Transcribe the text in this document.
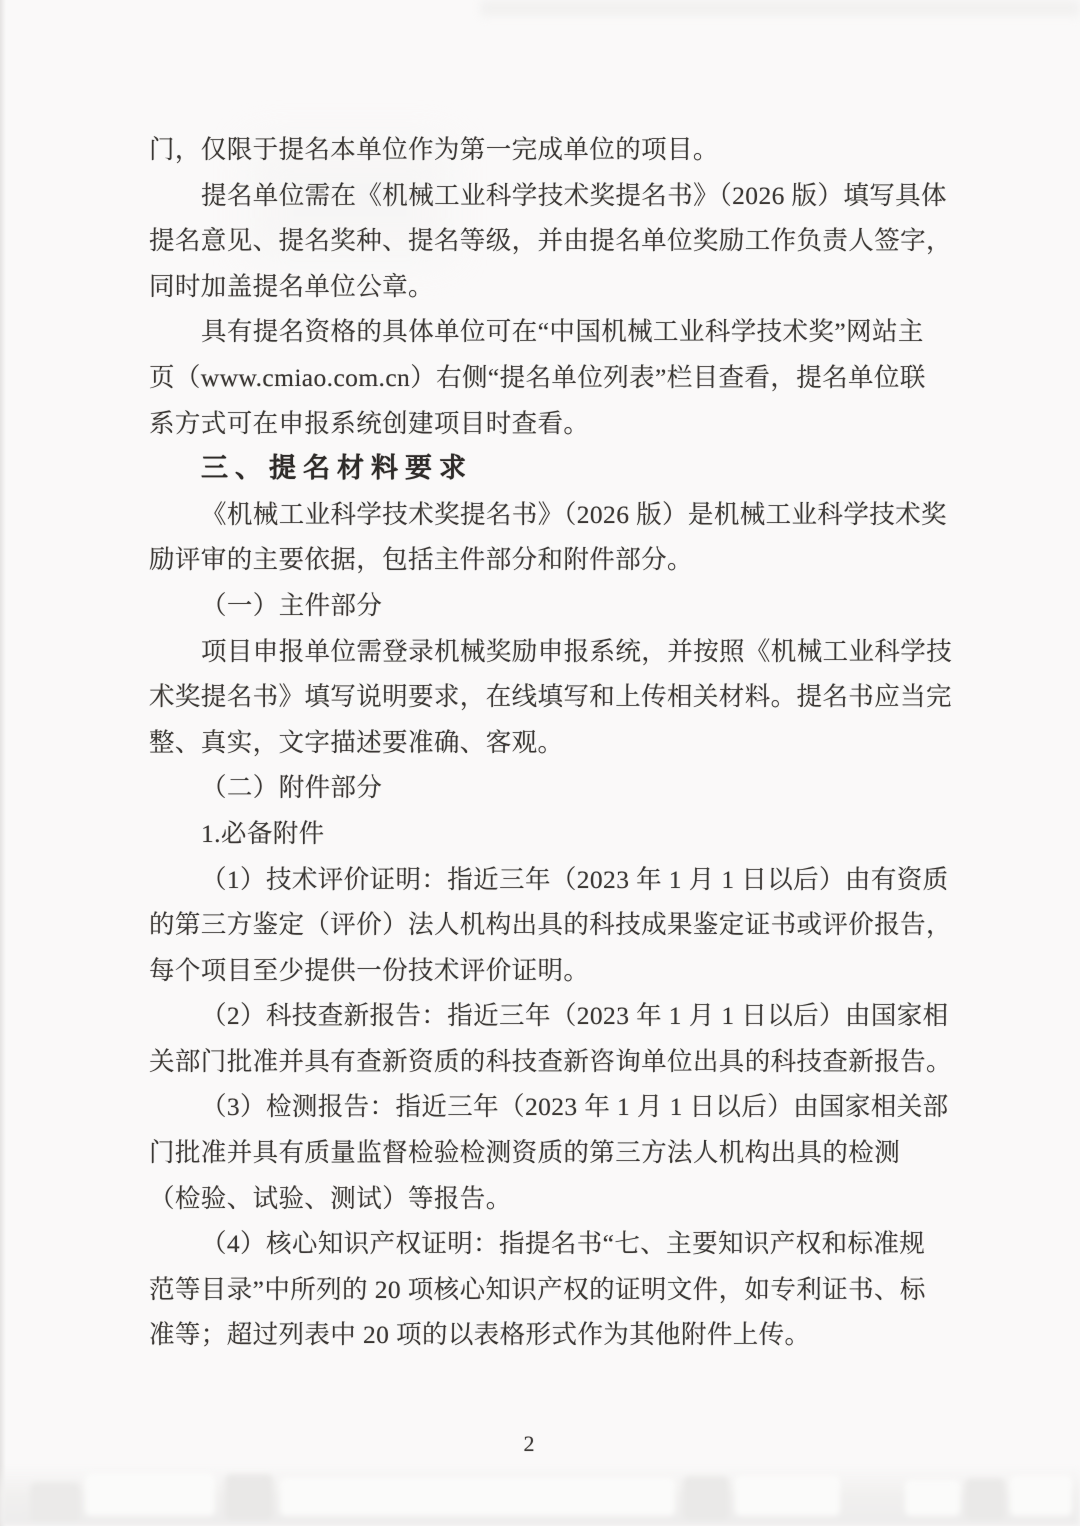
门，仅限于提名本单位作为第一完成单位的项目。
提名单位需在《机械工业科学技术奖提名书》（2026 版）填写具体
提名意见、提名奖种、提名等级，并由提名单位奖励工作负责人签字，
同时加盖提名单位公章。
具有提名资格的具体单位可在“中国机械工业科学技术奖”网站主
页（www.cmiao.com.cn）右侧“提名单位列表”栏目查看，提名单位联
系方式可在申报系统创建项目时查看。
三、提名材料要求
《机械工业科学技术奖提名书》（2026 版）是机械工业科学技术奖
励评审的主要依据，包括主件部分和附件部分。
（一）主件部分
项目申报单位需登录机械奖励申报系统，并按照《机械工业科学技
术奖提名书》填写说明要求，在线填写和上传相关材料。提名书应当完
整、真实，文字描述要准确、客观。
（二）附件部分
1.必备附件
（1）技术评价证明：指近三年（2023 年 1 月 1 日以后）由有资质
的第三方鉴定（评价）法人机构出具的科技成果鉴定证书或评价报告，
每个项目至少提供一份技术评价证明。
（2）科技查新报告：指近三年（2023 年 1 月 1 日以后）由国家相
关部门批准并具有查新资质的科技查新咨询单位出具的科技查新报告。
（3）检测报告：指近三年（2023 年 1 月 1 日以后）由国家相关部
门批准并具有质量监督检验检测资质的第三方法人机构出具的检测
（检验、试验、测试）等报告。
（4）核心知识产权证明：指提名书“七、主要知识产权和标准规
范等目录”中所列的 20 项核心知识产权的证明文件，如专利证书、标
准等；超过列表中 20 项的以表格形式作为其他附件上传。
2
